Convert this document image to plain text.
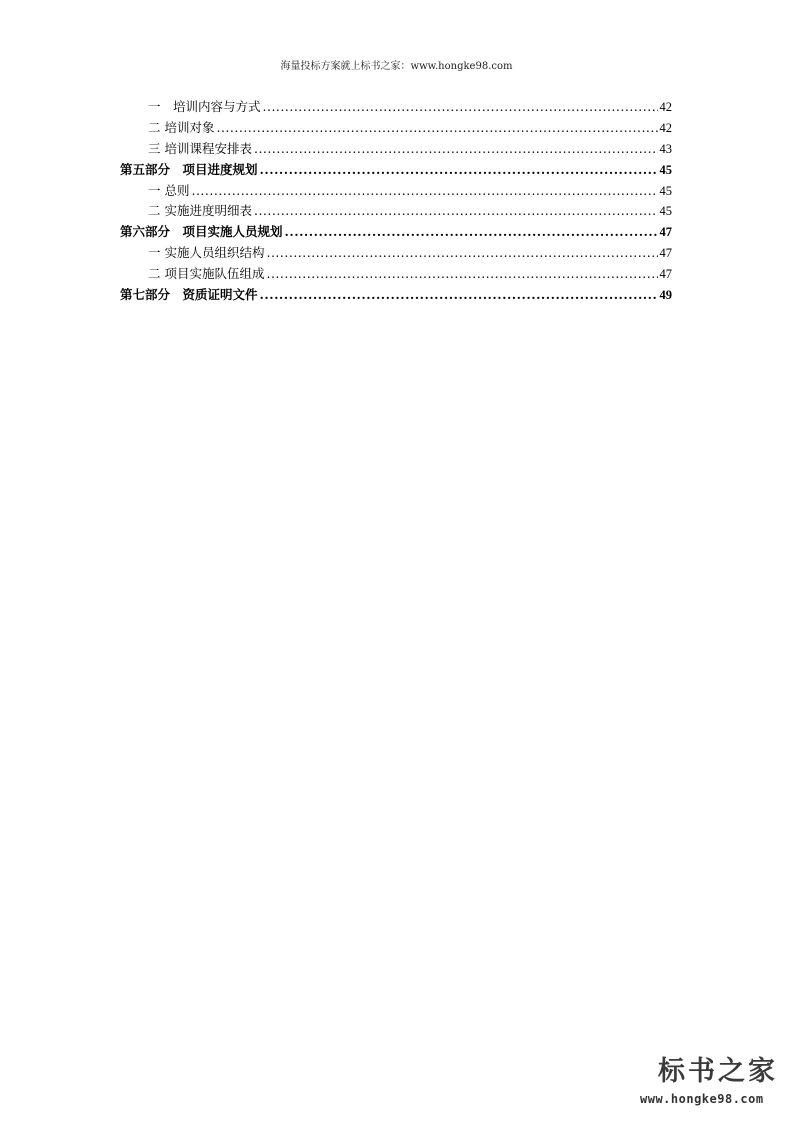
海量投标方案就上标书之家：www.hongke98.com
一　培训内容与方式 .....	42
二 培训对象 .....	42
三 培训课程安排表 .....	43
第五部分　项目进度规划 .....	45
一 总则 .....	45
二 实施进度明细表 .....	45
第六部分　项目实施人员规划 .....	47
一 实施人员组织结构 .....	47
二 项目实施队伍组成 .....	47
第七部分　资质证明文件 .....	49
标书之家
www.hongke98.com
